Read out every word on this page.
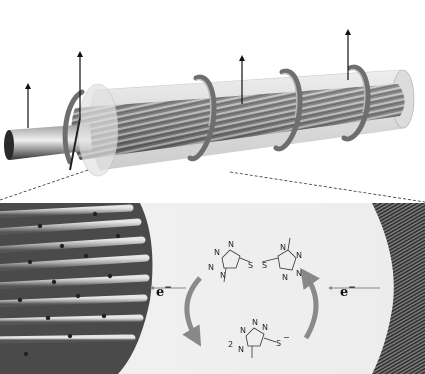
e−	e−
N
N
N
N
S S
N
N
N
N
2
N
N
N
N
S
−
